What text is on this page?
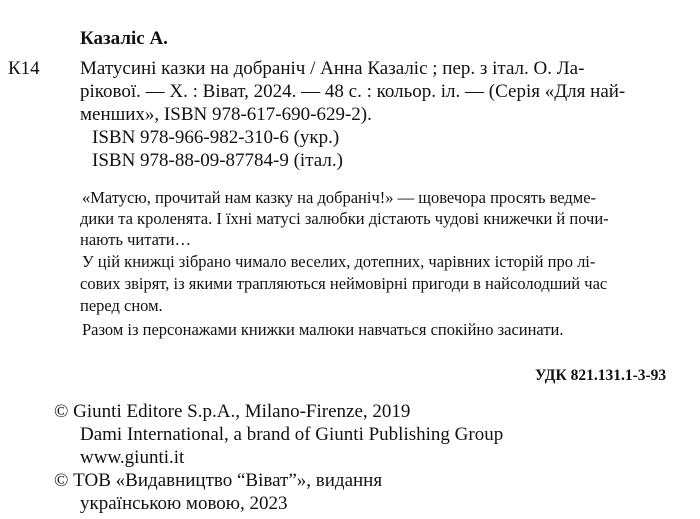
Казаліс А.
К14 Матусині казки на добраніч / Анна Казаліс ; пер. з італ. О. Ла-
рікової. — Х. : Віват, 2024. — 48 с. : кольор. іл. — (Серія «Для най-
менших», ISBN 978-617-690-629-2).
ISBN 978-966-982-310-6 (укр.)
ISBN 978-88-09-87784-9 (італ.)
«Матусю, прочитай нам казку на добраніч!» — щовечора просять ведме-
дики та кроленята. І їхні матусі залюбки дістають чудові книжечки й почи-
нають читати…
У цій книжці зібрано чимало веселих, дотепних, чарівних історій про лі-
сових звірят, із якими трапляються неймовірні пригоди в найсолодший час
перед сном.
Разом із персонажами книжки малюки навчаться спокійно засинати.
УДК 821.131.1-3-93
© Giunti Editore S.p.A., Milano-Firenze, 2019
Dami International, a brand of Giunti Publishing Group
www.giunti.it
© ТОВ «Видавництво “Віват”», видання
українською мовою, 2023
